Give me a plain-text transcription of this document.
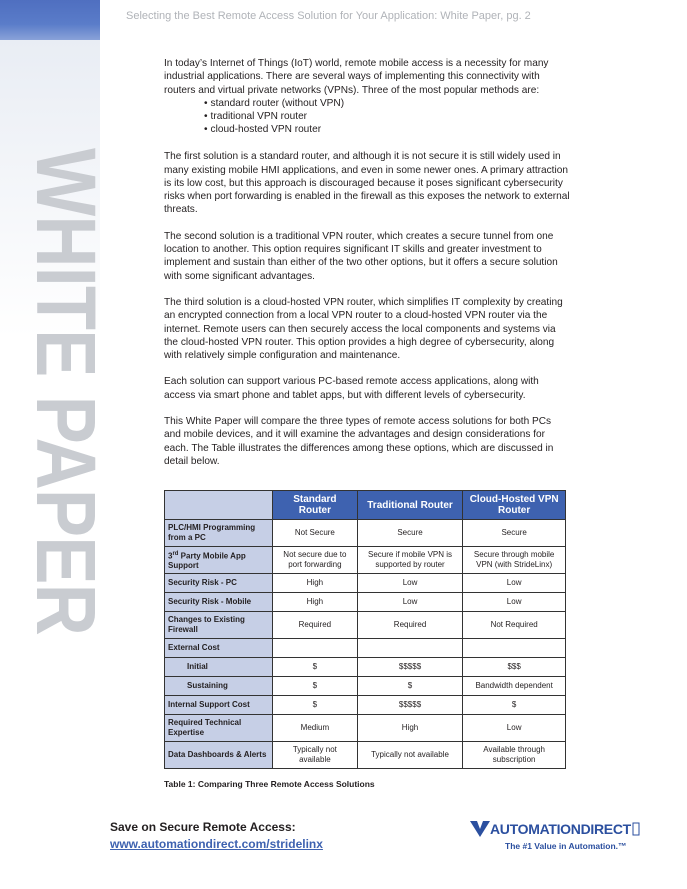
WHITE PAPER
Selecting the Best Remote Access Solution for Your Application: White Paper, pg. 2

In today’s Internet of Things (IoT) world, remote mobile access is a necessity for many industrial applications. There are several ways of implementing this connectivity with routers and virtual private networks (VPNs). Three of the most popular methods are:

• standard router (without VPN)
• traditional VPN router
• cloud-hosted VPN router

The first solution is a standard router, and although it is not secure it is still widely used in many existing mobile HMI applications, and even in some newer ones. A primary attraction is its low cost, but this approach is discouraged because it poses significant cybersecurity risks when port forwarding is enabled in the firewall as this exposes the network to external threats.

The second solution is a traditional VPN router, which creates a secure tunnel from one location to another. This option requires significant IT skills and greater investment to implement and sustain than either of the two other options, but it offers a secure solution with some significant advantages.

The third solution is a cloud-hosted VPN router, which simplifies IT complexity by creating an encrypted connection from a local VPN router to a cloud-hosted VPN router via the internet. Remote users can then securely access the local components and systems via the cloud-hosted VPN router. This option provides a high degree of cybersecurity, along with relatively simple configuration and maintenance.

Each solution can support various PC-based remote access applications, along with access via smart phone and tablet apps, but with different levels of cybersecurity.

This White Paper will compare the three types of remote access solutions for both PCs and mobile devices, and it will examine the advantages and design considerations for each. The Table illustrates the differences among these options, which are discussed in detail below.

	Standard Router	Traditional Router	Cloud-Hosted VPN Router
PLC/HMI Programming from a PC	Not Secure	Secure	Secure
3rd Party Mobile App Support	Not secure due to port forwarding	Secure if mobile VPN is supported by router	Secure through mobile VPN (with StrideLinx)
Security Risk - PC	High	Low	Low
Security Risk - Mobile	High	Low	Low
Changes to Existing Firewall	Required	Required	Not Required
External Cost			
Initial	$	$$$$$	$$$
Sustaining	$	$	Bandwidth dependent
Internal Support Cost	$	$$$$$	$
Required Technical Expertise	Medium	High	Low
Data Dashboards & Alerts	Typically not available	Typically not available	Available through subscription
Table 1: Comparing Three Remote Access Solutions
Save on Secure Remote Access:
www.automationdirect.com/stridelinx
AUTOMATIONDIRECT
The #1 Value in Automation.™
